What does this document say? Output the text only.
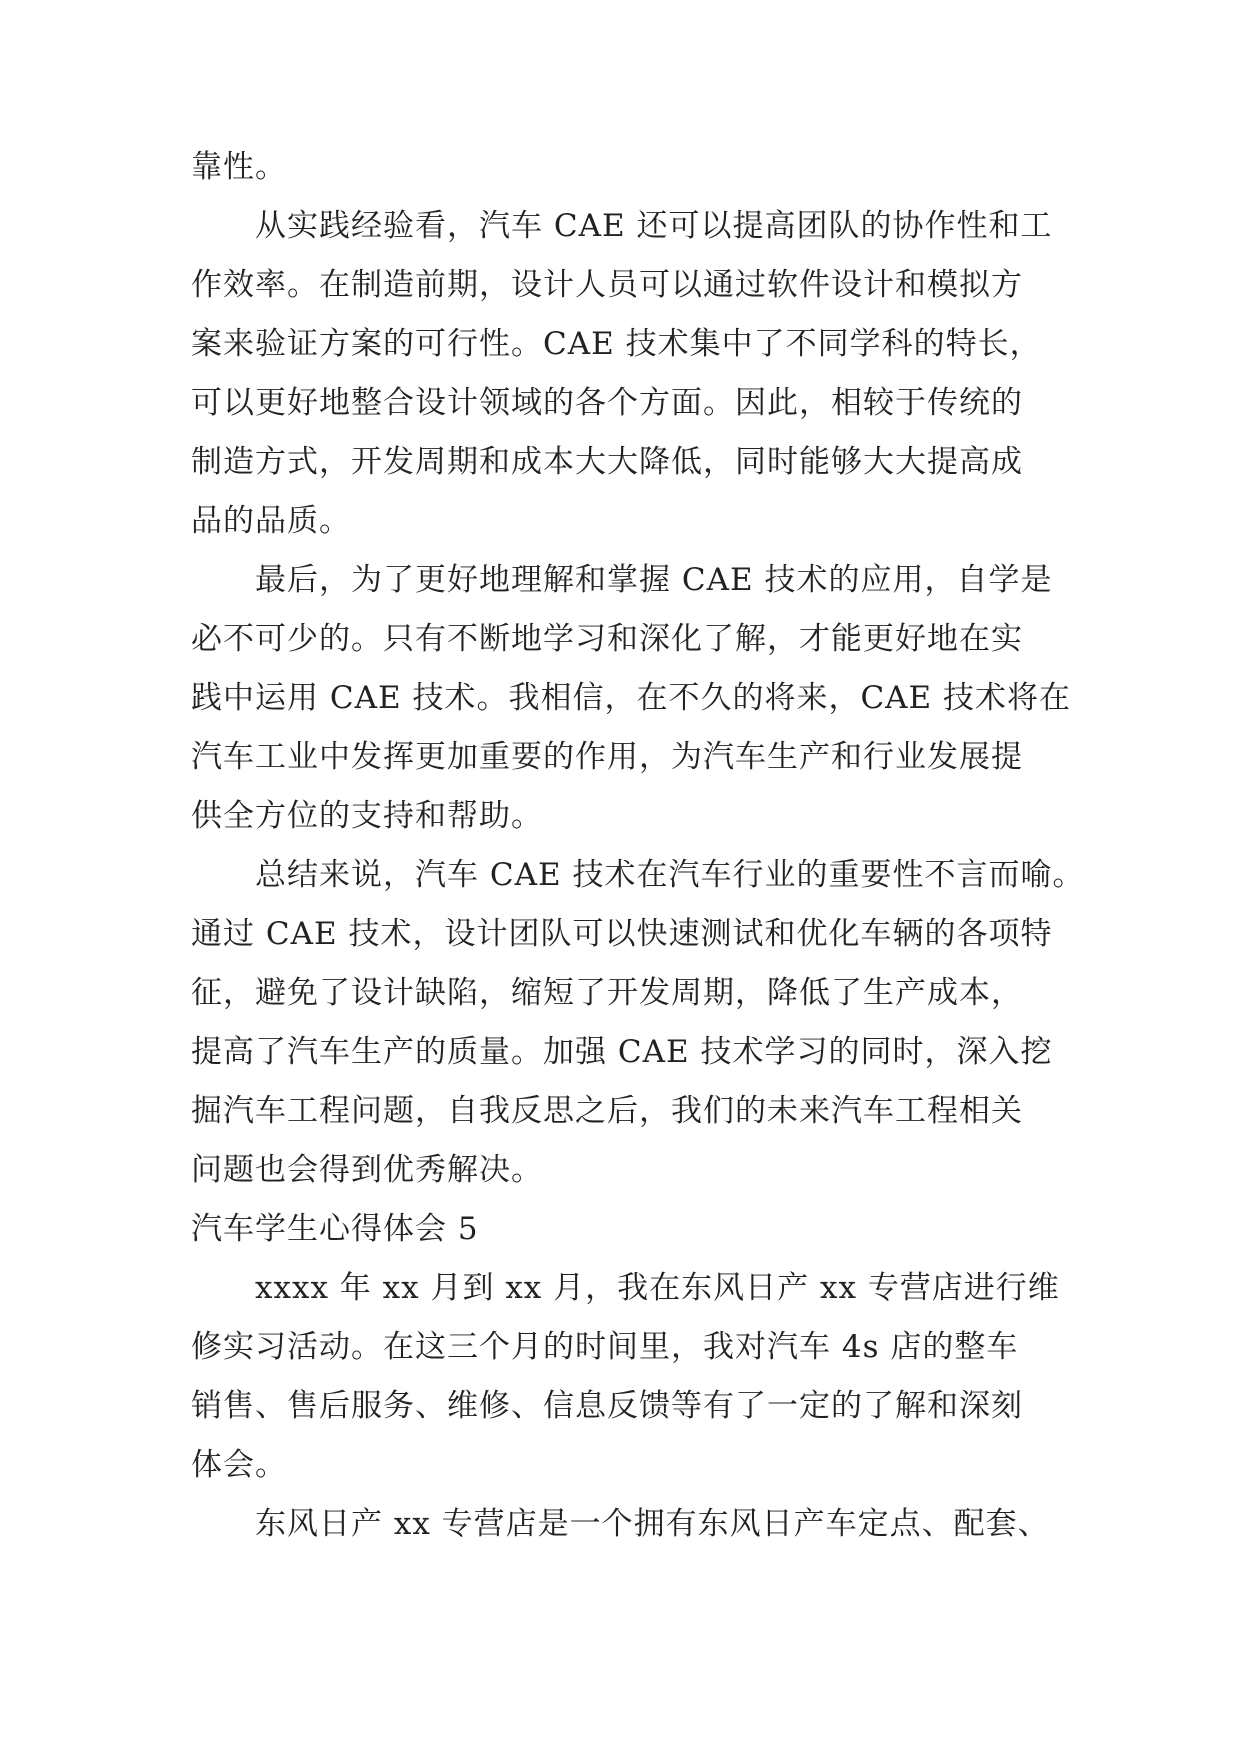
靠性。
从实践经验看，汽车 CAE 还可以提高团队的协作性和工
作效率。在制造前期，设计人员可以通过软件设计和模拟方
案来验证方案的可行性。CAE 技术集中了不同学科的特长，
可以更好地整合设计领域的各个方面。因此，相较于传统的
制造方式，开发周期和成本大大降低，同时能够大大提高成
品的品质。
最后，为了更好地理解和掌握 CAE 技术的应用，自学是
必不可少的。只有不断地学习和深化了解，才能更好地在实
践中运用 CAE 技术。我相信，在不久的将来，CAE 技术将在
汽车工业中发挥更加重要的作用，为汽车生产和行业发展提
供全方位的支持和帮助。
总结来说，汽车 CAE 技术在汽车行业的重要性不言而喻。
通过 CAE 技术，设计团队可以快速测试和优化车辆的各项特
征，避免了设计缺陷，缩短了开发周期，降低了生产成本，
提高了汽车生产的质量。加强 CAE 技术学习的同时，深入挖
掘汽车工程问题，自我反思之后，我们的未来汽车工程相关
问题也会得到优秀解决。
汽车学生心得体会 5
xxxx 年 xx 月到 xx 月，我在东风日产 xx 专营店进行维
修实习活动。在这三个月的时间里，我对汽车 4s 店的整车
销售、售后服务、维修、信息反馈等有了一定的了解和深刻
体会。
东风日产 xx 专营店是一个拥有东风日产车定点、配套、
